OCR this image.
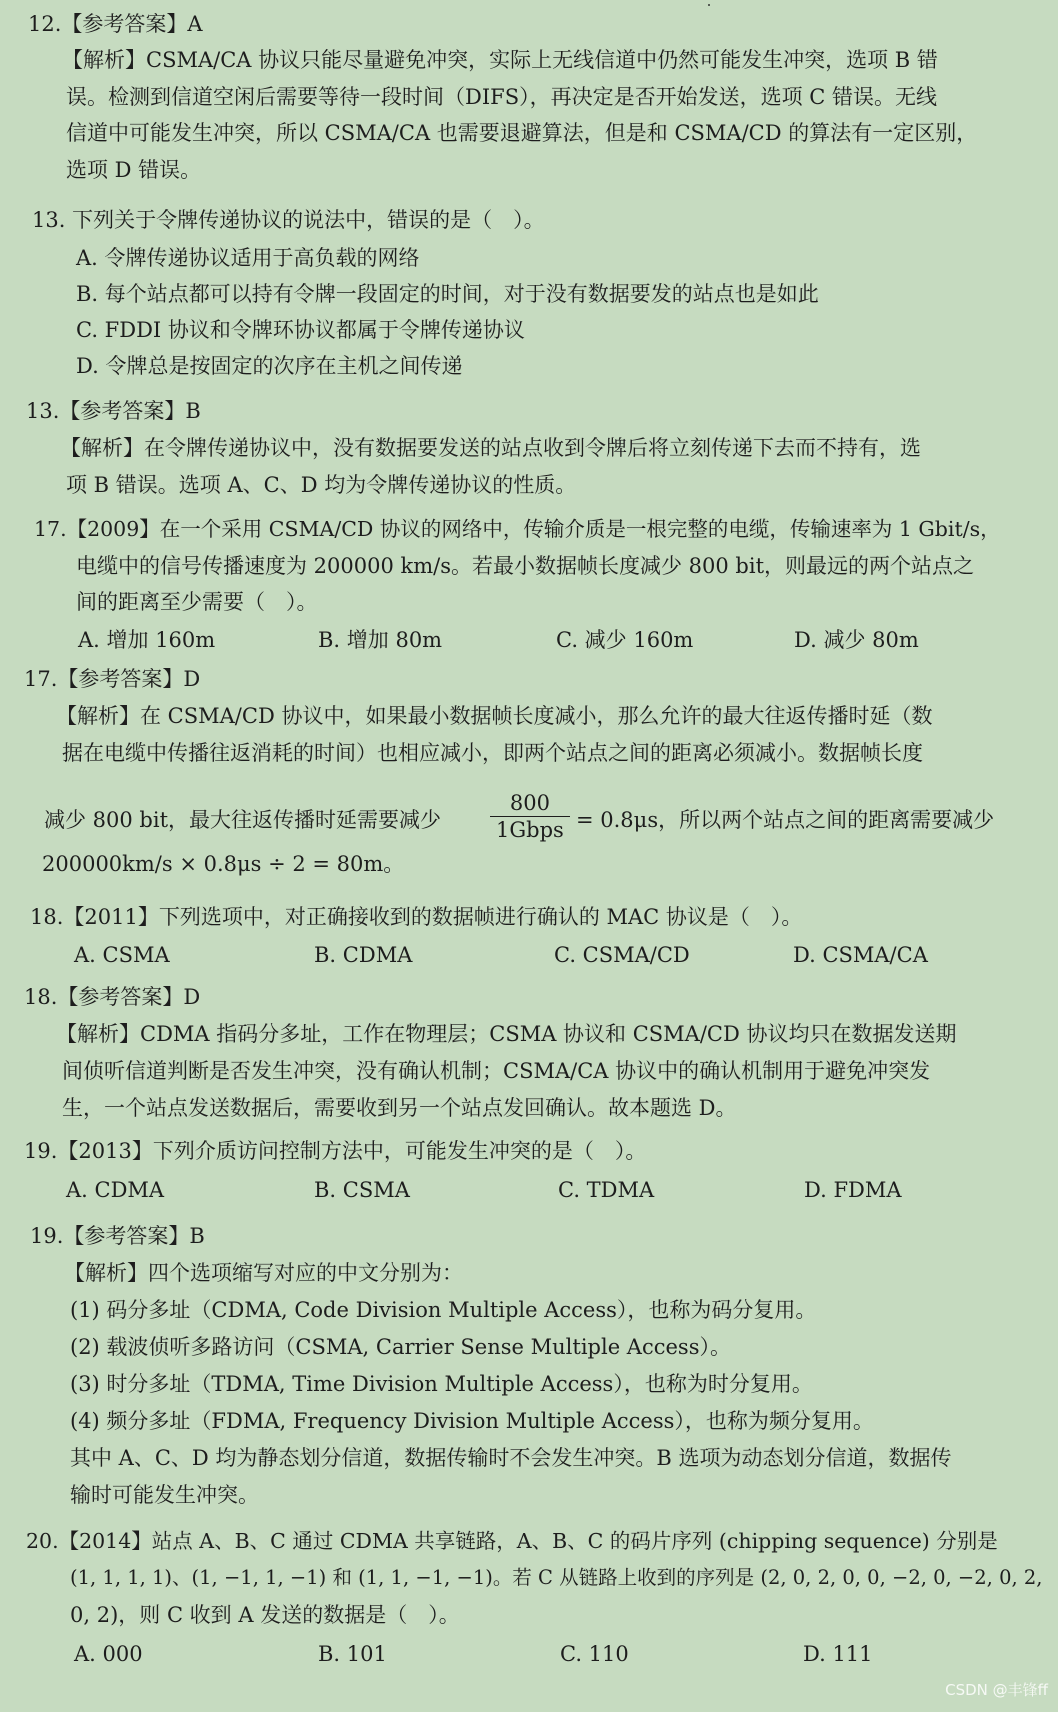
12.【参考答案】A
【解析】CSMA/CA 协议只能尽量避免冲突，实际上无线信道中仍然可能发生冲突，选项 B 错
误。检测到信道空闲后需要等待一段时间（DIFS），再决定是否开始发送，选项 C 错误。无线
信道中可能发生冲突，所以 CSMA/CA 也需要退避算法，但是和 CSMA/CD 的算法有一定区别，
选项 D 错误。
13. 下列关于令牌传递协议的说法中，错误的是（　）。
A. 令牌传递协议适用于高负载的网络
B. 每个站点都可以持有令牌一段固定的时间，对于没有数据要发的站点也是如此
C. FDDI 协议和令牌环协议都属于令牌传递协议
D. 令牌总是按固定的次序在主机之间传递
13.【参考答案】B
【解析】在令牌传递协议中，没有数据要发送的站点收到令牌后将立刻传递下去而不持有，选
项 B 错误。选项 A、C、D 均为令牌传递协议的性质。
17.【2009】在一个采用 CSMA/CD 协议的网络中，传输介质是一根完整的电缆，传输速率为 1 Gbit/s，
电缆中的信号传播速度为 200000 km/s。若最小数据帧长度减少 800 bit，则最远的两个站点之
间的距离至少需要（　）。
A. 增加 160m	B. 增加 80m	C. 减少 160m	D. 减少 80m
17.【参考答案】D
【解析】在 CSMA/CD 协议中，如果最小数据帧长度减小，那么允许的最大往返传播时延（数
据在电缆中传播往返消耗的时间）也相应减小，即两个站点之间的距离必须减小。数据帧长度
减少 800 bit，最大往返传播时延需要减少
800
1Gbps = 0.8μs，所以两个站点之间的距离需要减少
200000km/s × 0.8μs ÷ 2 = 80m。
18.【2011】下列选项中，对正确接收到的数据帧进行确认的 MAC 协议是（　）。
A. CSMA	B. CDMA	C. CSMA/CD	D. CSMA/CA
18.【参考答案】D
【解析】CDMA 指码分多址，工作在物理层；CSMA 协议和 CSMA/CD 协议均只在数据发送期
间侦听信道判断是否发生冲突，没有确认机制；CSMA/CA 协议中的确认机制用于避免冲突发
生，一个站点发送数据后，需要收到另一个站点发回确认。故本题选 D。
19.【2013】下列介质访问控制方法中，可能发生冲突的是（　）。
A. CDMA	B. CSMA	C. TDMA	D. FDMA
19.【参考答案】B
【解析】四个选项缩写对应的中文分别为：
(1) 码分多址（CDMA, Code Division Multiple Access），也称为码分复用。
(2) 载波侦听多路访问（CSMA, Carrier Sense Multiple Access）。
(3) 时分多址（TDMA, Time Division Multiple Access），也称为时分复用。
(4) 频分多址（FDMA, Frequency Division Multiple Access），也称为频分复用。
其中 A、C、D 均为静态划分信道，数据传输时不会发生冲突。B 选项为动态划分信道，数据传
输时可能发生冲突。
20.【2014】站点 A、B、C 通过 CDMA 共享链路，A、B、C 的码片序列 (chipping sequence) 分别是
(1, 1, 1, 1)、(1, −1, 1, −1) 和 (1, 1, −1, −1)。若 C 从链路上收到的序列是 (2, 0, 2, 0, 0, −2, 0, −2, 0, 2,
0, 2)，则 C 收到 A 发送的数据是（　）。
A. 000	B. 101	C. 110	D. 111
CSDN @丰锋ff
